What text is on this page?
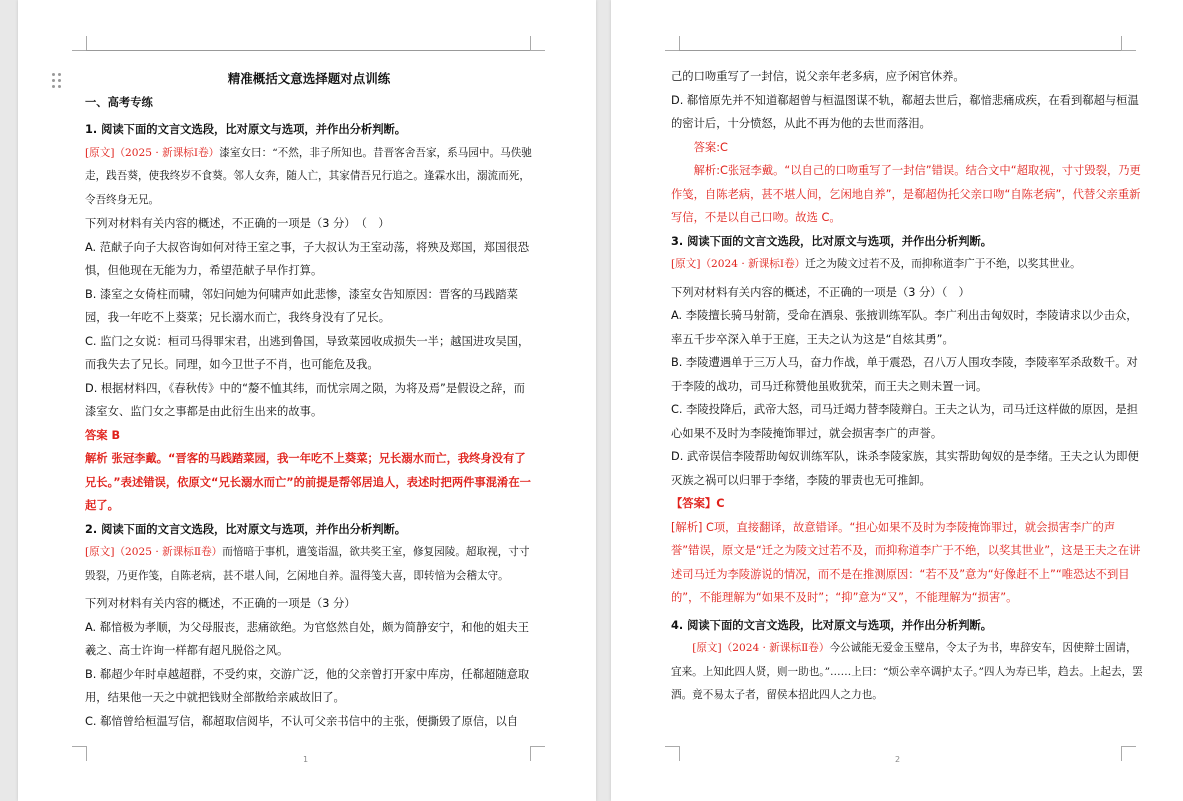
1

精准概括文意选择题对点训练

一、高考专练

1. 阅读下面的文言文选段，比对原文与选项，并作出分析判断。

[原文]（2025 · 新课标Ⅰ卷）漆室女曰：“不然，非子所知也。昔晋客舍吾家，系马园中。马佚驰走，践吾葵，使我终岁不食葵。邻人女奔，随人亡，其家倩吾兄行追之。逢霖水出，溺流而死，令吾终身无兄。

下列对材料有关内容的概述，不正确的一项是（3 分）　（　）

A. 范献子向子大叔咨询如何对待王室之事，子大叔认为王室动荡，将殃及郑国，郑国很恐惧，但他现在无能为力，希望范献子早作打算。

B. 漆室之女倚柱而啸，邻妇问她为何啸声如此悲惨，漆室女告知原因：晋客的马践踏菜园，我一年吃不上葵菜；兄长溺水而亡，我终身没有了兄长。

C. 监门之女说：桓司马得罪宋君，出逃到鲁国，导致菜园收成损失一半；越国进攻吴国，而我失去了兄长。同理，如今卫世子不肖，也可能危及我。

D. 根据材料四，《春秋传》中的“嫠不恤其纬，而忧宗周之陨，为将及焉”是假设之辞，而漆室女、监门女之事都是由此衍生出来的故事。

答案 B

解析 张冠李戴。“晋客的马践踏菜园，我一年吃不上葵菜；兄长溺水而亡，我终身没有了兄长。”表述错误，依原文“兄长溺水而亡”的前提是帮邻居追人，表述时把两件事混淆在一起了。

2. 阅读下面的文言文选段，比对原文与选项，并作出分析判断。

[原文]（2025 · 新课标Ⅱ卷）而愔暗于事机，遣笺诣温，欲共奖王室，修复园陵。超取视，寸寸毁裂，乃更作笺，自陈老病，甚不堪人间，乞闲地自养。温得笺大喜，即转愔为会稽太守。

下列对材料有关内容的概述，不正确的一项是（3 分）

A. 郗愔极为孝顺，为父母服丧，悲痛欲绝。为官悠然自处，颇为简静安宁，和他的姐夫王羲之、高士许询一样都有超凡脱俗之风。

B. 郗超少年时卓越超群，不受约束，交游广泛，他的父亲曾打开家中库房，任郗超随意取用，结果他一天之中就把钱财全部散给亲戚故旧了。

C. 郗愔曾给桓温写信，郗超取信阅毕，不认可父亲书信中的主张，便撕毁了原信，以自

2

己的口吻重写了一封信，说父亲年老多病，应予闲官休养。

D. 郗愔原先并不知道郗超曾与桓温图谋不轨，郗超去世后，郗愔悲痛成疾，在看到郗超与桓温的密计后，十分愤怒，从此不再为他的去世而落泪。

答案:C

解析:C张冠李戴。“以自己的口吻重写了一封信”错误。结合文中“超取视，寸寸毁裂，乃更作笺，自陈老病，甚不堪人间，乞闲地自养”，是郗超伪托父亲口吻“自陈老病”，代替父亲重新写信，不是以自己口吻。故选 C。

3. 阅读下面的文言文选段，比对原文与选项，并作出分析判断。

[原文]（2024 · 新课标Ⅰ卷）迁之为陵文过若不及，而抑称道李广于不绝，以奖其世业。

下列对材料有关内容的概述，不正确的一项是（3 分）（　）

A. 李陵擅长骑马射箭，受命在酒泉、张掖训练军队。李广利出击匈奴时，李陵请求以少击众，率五千步卒深入单于王庭，王夫之认为这是“自炫其勇”。

B. 李陵遭遇单于三万人马，奋力作战，单于震恐，召八万人围攻李陵，李陵率军杀敌数千。对于李陵的战功，司马迁称赞他虽败犹荣，而王夫之则未置一词。

C. 李陵投降后，武帝大怒，司马迁竭力替李陵辩白。王夫之认为，司马迁这样做的原因，是担心如果不及时为李陵掩饰罪过，就会损害李广的声誉。

D. 武帝误信李陵帮助匈奴训练军队，诛杀李陵家族，其实帮助匈奴的是李绪。王夫之认为即便灭族之祸可以归罪于李绪，李陵的罪责也无可推卸。

【答案】C

[解析] C项，直接翻译，故意错译。“担心如果不及时为李陵掩饰罪过，就会损害李广的声誉”错误，原文是“迁之为陵文过若不及，而抑称道李广于不绝，以奖其世业”，这是王夫之在讲述司马迁为李陵游说的情况，而不是在推测原因：“若不及”意为“好像赶不上”“唯恐达不到目的”，不能理解为“如果不及时”；“抑”意为“又”，不能理解为“损害”。

4. 阅读下面的文言文选段，比对原文与选项，并作出分析判断。

[原文]（2024 · 新课标Ⅱ卷）今公诚能无爱金玉璧帛，令太子为书，卑辞安车，因使辩士固请，宜来。上知此四人贤，则一助也。”……上曰：“烦公幸卒调护太子。”四人为寿已毕，趋去。上起去，罢酒。竟不易太子者，留侯本招此四人之力也。
